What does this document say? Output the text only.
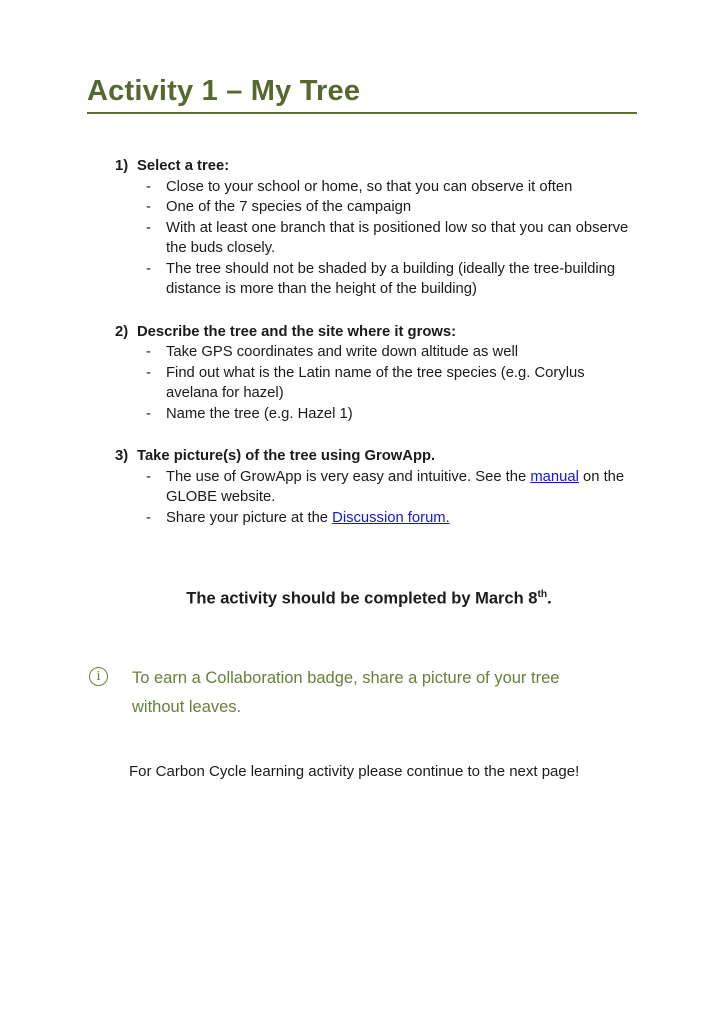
Activity 1 – My Tree
1) Select a tree:
-	Close to your school or home, so that you can observe it often
-	One of the 7 species of the campaign
-	With at least one branch that is positioned low so that you can observe the buds closely.
-	The tree should not be shaded by a building (ideally the tree-building distance is more than the height of the building)
2) Describe the tree and the site where it grows:
-	Take GPS coordinates and write down altitude as well
-	Find out what is the Latin name of the tree species (e.g. Corylus avelana for hazel)
-	Name the tree (e.g. Hazel 1)
3) Take picture(s) of the tree using GrowApp.
-	The use of GrowApp is very easy and intuitive. See the manual on the GLOBE website.
-	Share your picture at the Discussion forum.

The activity should be completed by March 8th.

i	To earn a Collaboration badge, share a picture of your tree without leaves.

For Carbon Cycle learning activity please continue to the next page!
